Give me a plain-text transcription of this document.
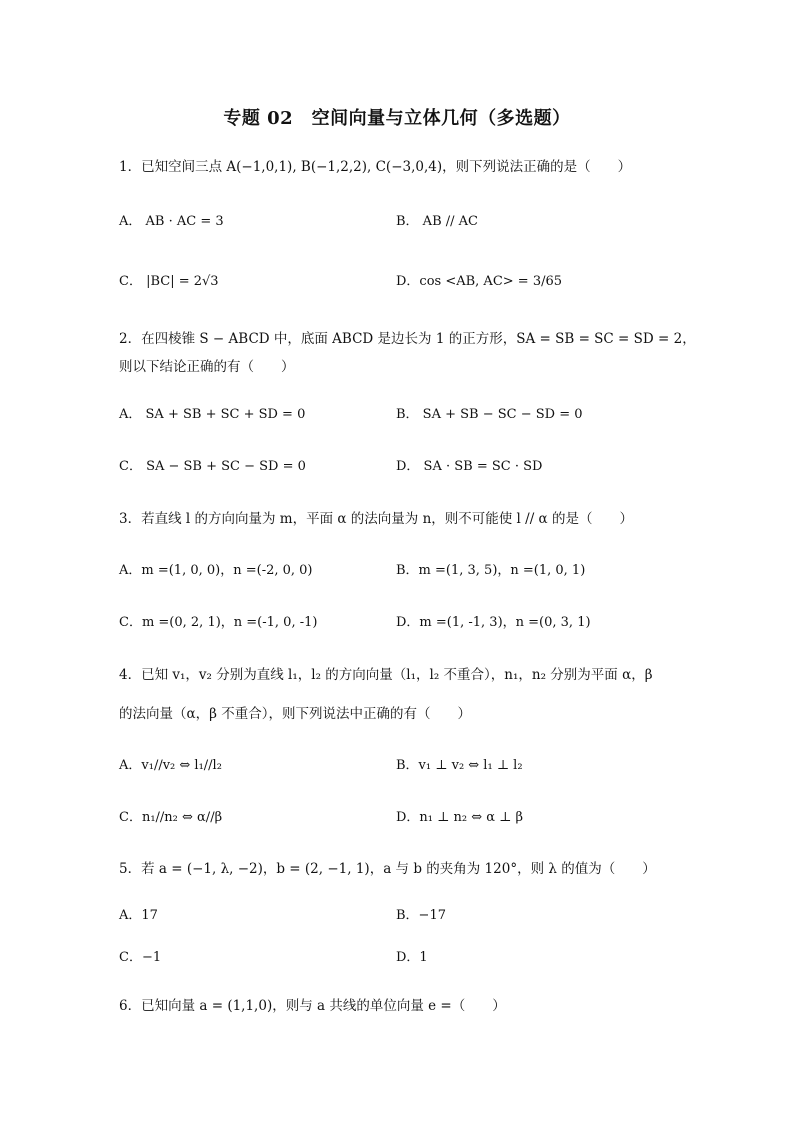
专题 02　空间向量与立体几何（多选题）
1．已知空间三点 A(−1,0,1), B(−1,2,2), C(−3,0,4)，则下列说法正确的是（　　）
A． AB · AC = 3	B． AB // AC
C． |BC| = 2√3	D．cos <AB, AC> = 3/65
2．在四棱锥 S − ABCD 中，底面 ABCD 是边长为 1 的正方形，SA = SB = SC = SD = 2，
则以下结论正确的有（　　）
A． SA + SB + SC + SD = 0	B． SA + SB − SC − SD = 0
C． SA − SB + SC − SD = 0	D． SA · SB = SC · SD
3．若直线 l 的方向向量为 m，平面 α 的法向量为 n，则不可能使 l // α 的是（　　）
A．m =(1, 0, 0)，n =(-2, 0, 0)	B．m =(1, 3, 5)，n =(1, 0, 1)
C．m =(0, 2, 1)，n =(-1, 0, -1)	D．m =(1, -1, 3)，n =(0, 3, 1)
4．已知 v₁，v₂ 分别为直线 l₁，l₂ 的方向向量（l₁，l₂ 不重合），n₁，n₂ 分别为平面 α，β
的法向量（α，β 不重合），则下列说法中正确的有（　　）
A．v₁//v₂ ⇔ l₁//l₂	B．v₁ ⊥ v₂ ⇔ l₁ ⊥ l₂
C．n₁//n₂ ⇔ α//β	D．n₁ ⊥ n₂ ⇔ α ⊥ β
5．若 a = (−1, λ, −2)，b = (2, −1, 1)，a 与 b 的夹角为 120°，则 λ 的值为（　　）
A．17	B．−17
C．−1	D．1
6．已知向量 a = (1,1,0)，则与 a 共线的单位向量 e =（　　）
